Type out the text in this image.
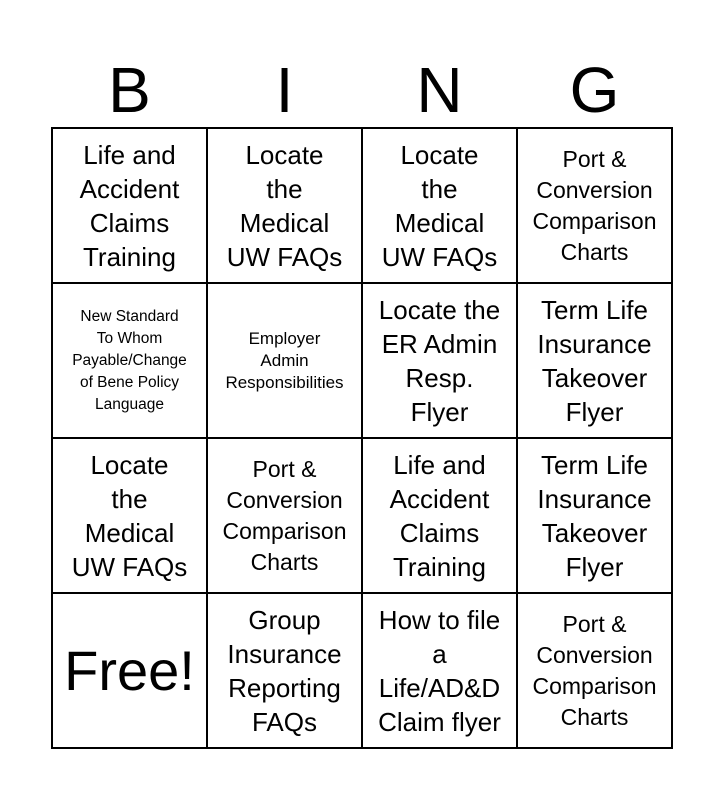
B	I	N	G
Life and
Accident
Claims
Training
Locate
the
Medical
UW FAQs
Locate
the
Medical
UW FAQs
Port &
Conversion
Comparison
Charts
New Standard
To Whom
Payable/Change
of Bene Policy
Language
Employer
Admin
Responsibilities
Locate the
ER Admin
Resp.
Flyer
Term Life
Insurance
Takeover
Flyer
Locate
the
Medical
UW FAQs
Port &
Conversion
Comparison
Charts
Life and
Accident
Claims
Training
Term Life
Insurance
Takeover
Flyer
Free!
Group
Insurance
Reporting
FAQs
How to file
a
Life/AD&D
Claim flyer
Port &
Conversion
Comparison
Charts
